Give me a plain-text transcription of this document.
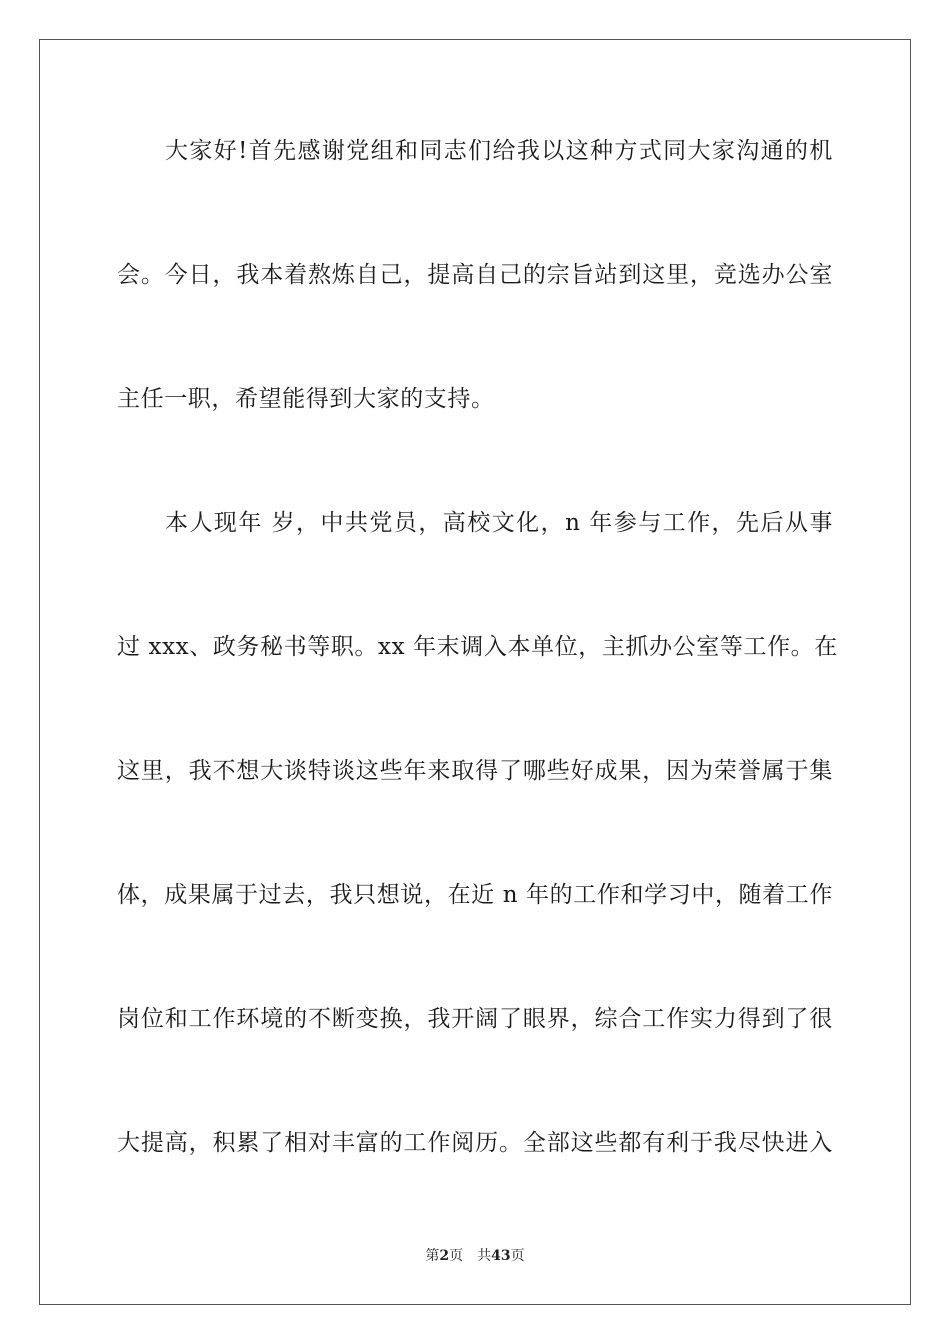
大家好!首先感谢党组和同志们给我以这种方式同大家沟通的机
会。今日，我本着熬炼自己，提高自己的宗旨站到这里，竞选办公室
主任一职，希望能得到大家的支持。
本人现年 岁，中共党员，高校文化，n 年参与工作，先后从事
过 xxx、政务秘书等职。xx 年末调入本单位，主抓办公室等工作。在
这里，我不想大谈特谈这些年来取得了哪些好成果，因为荣誉属于集
体，成果属于过去，我只想说，在近 n 年的工作和学习中，随着工作
岗位和工作环境的不断变换，我开阔了眼界，综合工作实力得到了很
大提高，积累了相对丰富的工作阅历。全部这些都有利于我尽快进入
第2页 共43页
